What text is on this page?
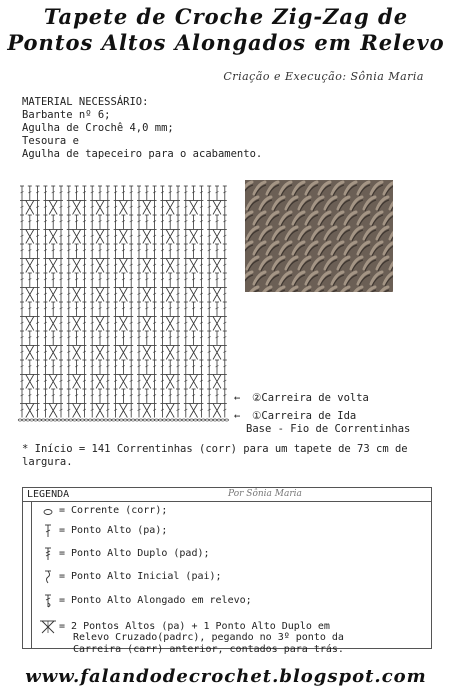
Tapete de Croche Zig-Zag de
Pontos Altos Alongados em Relevo
Criação e Execução: Sônia Maria
MATERIAL NECESSÁRIO:
Barbante nº 6;
Agulha de Crochê 4,0 mm;
Tesoura e
Agulha de tapeceiro para o acabamento.
← ②Carreira de volta
← ①Carreira de Ida
Base - Fio de Correntinhas
* Início = 141 Correntinhas (corr) para um tapete de 73 cm de largura.
LEGENDA	Por Sônia Maria
= Corrente (corr);
= Ponto Alto (pa);
= Ponto Alto Duplo (pad);
= Ponto Alto Inicial (pai);
= Ponto Alto Alongado em relevo;
= 2 Pontos Altos (pa) + 1 Ponto Alto Duplo em
Relevo Cruzado(padrc), pegando no 3º ponto da
Carreira (carr) anterior, contados para trás.
www.falandodecrochet.blogspot.com
